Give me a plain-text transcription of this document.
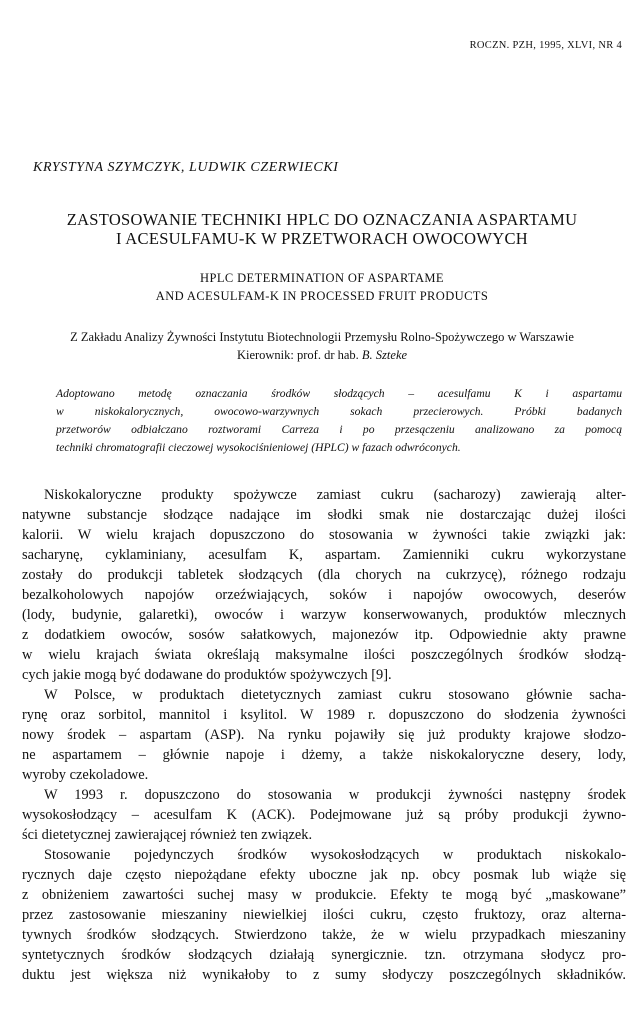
ROCZN. PZH, 1995, XLVI, NR 4
KRYSTYNA SZYMCZYK, LUDWIK CZERWIECKI
ZASTOSOWANIE TECHNIKI HPLC DO OZNACZANIA ASPARTAMU
I ACESULFAMU-K W PRZETWORACH OWOCOWYCH
HPLC DETERMINATION OF ASPARTAME
AND ACESULFAM-K IN PROCESSED FRUIT PRODUCTS
Z Zakładu Analizy Żywności Instytutu Biotechnologii Przemysłu Rolno-Spożywczego w Warszawie
Kierownik: prof. dr hab. B. Szteke
Adoptowano metodę oznaczania środków słodzących – acesulfamu K i aspartamu
w niskokalorycznych, owocowo-warzywnych sokach przecierowych. Próbki badanych
przetworów odbiałczano roztworami Carreza i po przesączeniu analizowano za pomocą
techniki chromatografii cieczowej wysokociśnieniowej (HPLC) w fazach odwróconych.
Niskokaloryczne produkty spożywcze zamiast cukru (sacharozy) zawierają alter-
natywne substancje słodzące nadające im słodki smak nie dostarczając dużej ilości
kalorii. W wielu krajach dopuszczono do stosowania w żywności takie związki jak:
sacharynę, cyklaminiany, acesulfam K, aspartam. Zamienniki cukru wykorzystane
zostały do produkcji tabletek słodzących (dla chorych na cukrzycę), różnego rodzaju
bezalkoholowych napojów orzeźwiających, soków i napojów owocowych, deserów
(lody, budynie, galaretki), owoców i warzyw konserwowanych, produktów mlecznych
z dodatkiem owoców, sosów sałatkowych, majonezów itp. Odpowiednie akty prawne
w wielu krajach świata określają maksymalne ilości poszczególnych środków słodzą-
cych jakie mogą być dodawane do produktów spożywczych [9].
W Polsce, w produktach dietetycznych zamiast cukru stosowano głównie sacha-
rynę oraz sorbitol, mannitol i ksylitol. W 1989 r. dopuszczono do słodzenia żywności
nowy środek – aspartam (ASP). Na rynku pojawiły się już produkty krajowe słodzo-
ne aspartamem – głównie napoje i dżemy, a także niskokaloryczne desery, lody,
wyroby czekoladowe.
W 1993 r. dopuszczono do stosowania w produkcji żywności następny środek
wysokosłodzący – acesulfam K (ACK). Podejmowane już są próby produkcji żywno-
ści dietetycznej zawierającej również ten związek.
Stosowanie pojedynczych środków wysokosłodzących w produktach niskokalo-
rycznych daje często niepożądane efekty uboczne jak np. obcy posmak lub wiąże się
z obniżeniem zawartości suchej masy w produkcie. Efekty te mogą być „maskowane”
przez zastosowanie mieszaniny niewielkiej ilości cukru, często fruktozy, oraz alterna-
tywnych środków słodzących. Stwierdzono także, że w wielu przypadkach mieszaniny
syntetycznych środków słodzących działają synergicznie. tzn. otrzymana słodycz pro-
duktu jest większa niż wynikałoby to z sumy słodyczy poszczególnych składników.
